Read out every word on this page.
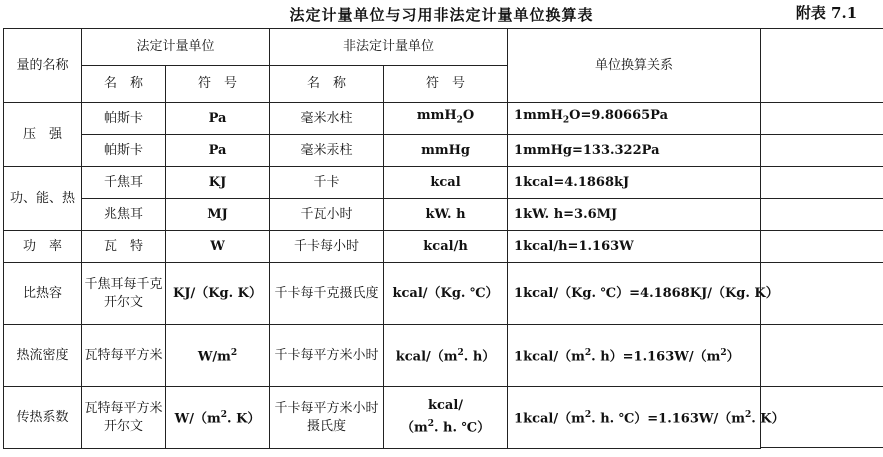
法定计量单位与习用非法定计量单位换算表	附表 7.1
量的名称	法定计量单位		非法定计量单位		单位换算关系
	名　称	符　号	名　称	符　号	
压　强	帕斯卡	Pa	毫米水柱	mmH$_2$O	1mmH$_2$O=9.80665Pa
	帕斯卡	Pa	毫米汞柱	mmHg	1mmHg=133.322Pa
功、能、热	千焦耳	KJ	千卡	kcal	1kcal=4.1868kJ
	兆焦耳	MJ	千瓦小时	kW. h	1kW. h=3.6MJ
功　率	瓦　特	W	千卡每小时	kcal/h	1kcal/h=1.163W
比热容	千焦耳每千克开尔文	KJ/（Kg. K）	千卡每千克摄氏度	kcal/（Kg. ℃）	1kcal/（Kg. ℃）=4.1868KJ/（Kg. K）
热流密度	瓦特每平方米	$W/m^2$	千卡每平方米小时	kcal/（$m^2$. h）	$1kcal/(m^2$. $h)=1.163W/(m^2)$
传热系数	瓦特每平方米开尔文	$W/(m^2$. K）	千卡每平方米小时摄氏度	kcal/（$m^2$. h. ℃）	$1kcal/(m^2$. h. $℃)=1.163W/(m^2$. K）
